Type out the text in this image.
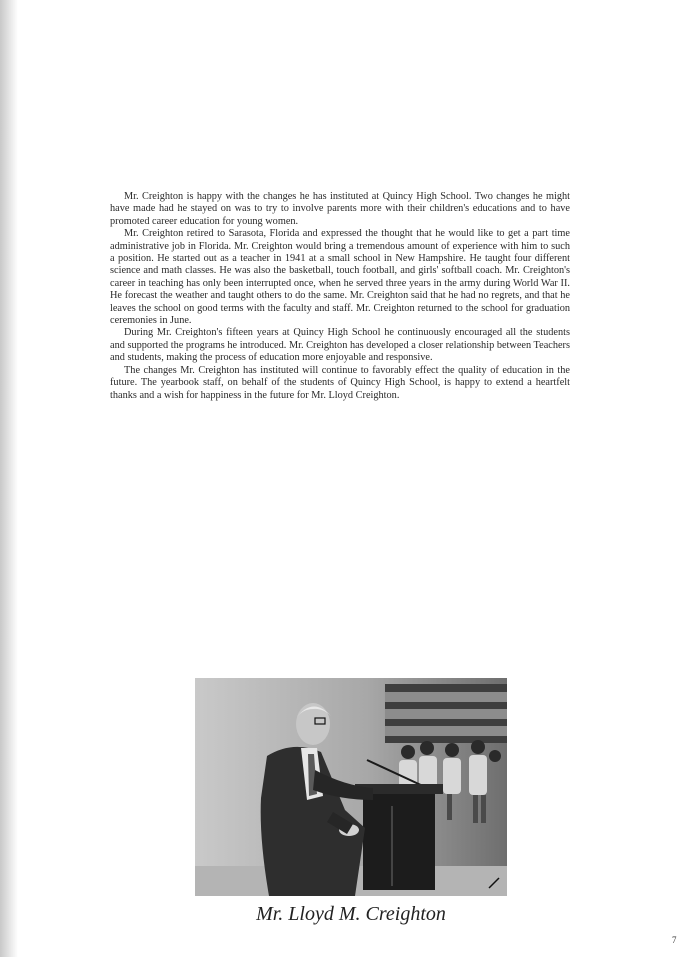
Mr. Creighton is happy with the changes he has instituted at Quincy High School. Two changes he might have made had he stayed on was to try to involve parents more with their children's educations and to have promoted career education for young women.

Mr. Creighton retired to Sarasota, Florida and expressed the thought that he would like to get a part time administrative job in Florida. Mr. Creighton would bring a tremendous amount of experience with him to such a position. He started out as a teacher in 1941 at a small school in New Hampshire. He taught four different science and math classes. He was also the basketball, touch football, and girls' softball coach. Mr. Creighton's career in teaching has only been interrupted once, when he served three years in the army during World War II. He forecast the weather and taught others to do the same. Mr. Creighton said that he had no regrets, and that he leaves the school on good terms with the faculty and staff. Mr. Creighton returned to the school for graduation ceremonies in June.

During Mr. Creighton's fifteen years at Quincy High School he continuously encouraged all the students and supported the programs he introduced. Mr. Creighton has developed a closer relationship between Teachers and students, making the process of education more enjoyable and responsive.

The changes Mr. Creighton has instituted will continue to favorably effect the quality of education in the future. The yearbook staff, on behalf of the students of Quincy High School, is happy to extend a heartfelt thanks and a wish for happiness in the future for Mr. Lloyd Creighton.

Mr. Lloyd M. Creighton
7
